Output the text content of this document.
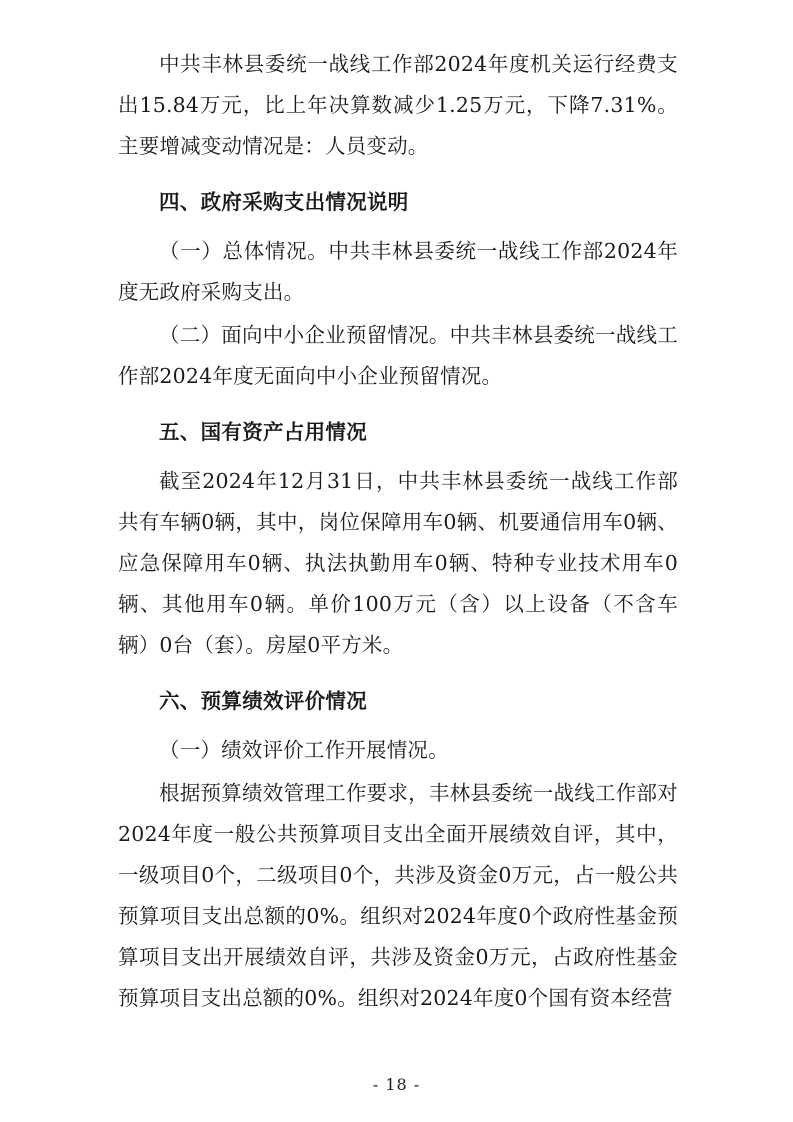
中共丰林县委统一战线工作部2024年度机关运行经费支出15.84万元，比上年决算数减少1.25万元，下降7.31%。主要增减变动情况是：人员变动。

四、政府采购支出情况说明

（一）总体情况。中共丰林县委统一战线工作部2024年度无政府采购支出。

（二）面向中小企业预留情况。中共丰林县委统一战线工作部2024年度无面向中小企业预留情况。

五、国有资产占用情况

截至2024年12月31日，中共丰林县委统一战线工作部共有车辆0辆，其中，岗位保障用车0辆、机要通信用车0辆、应急保障用车0辆、执法执勤用车0辆、特种专业技术用车0辆、其他用车0辆。单价100万元（含）以上设备（不含车辆）0台（套）。房屋0平方米。

六、预算绩效评价情况

（一）绩效评价工作开展情况。

根据预算绩效管理工作要求，丰林县委统一战线工作部对2024年度一般公共预算项目支出全面开展绩效自评，其中，一级项目0个，二级项目0个，共涉及资金0万元，占一般公共预算项目支出总额的0%。组织对2024年度0个政府性基金预算项目支出开展绩效自评，共涉及资金0万元，占政府性基金预算项目支出总额的0%。组织对2024年度0个国有资本经营

- 18 -
